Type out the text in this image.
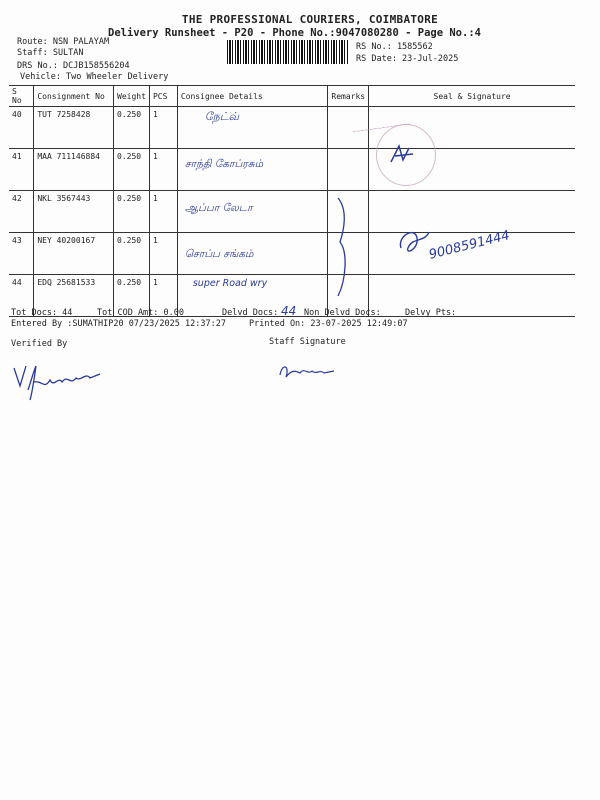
THE PROFESSIONAL COURIERS, COIMBATORE
Delivery Runsheet - P20 - Phone No.:9047080280 - Page No.:4
Route: NSN PALAYAM
Staff: SULTAN
DRS No.: DCJB158556204
Vehicle: Two Wheeler Delivery
RS No.: 1585562
RS Date: 23-Jul-2025
S No	Consignment No	Weight	PCS	Consignee Details	Remarks	Seal & Signature
40	TUT 7258428	0.250	1	நேட்வ்		
41	MAA 711146884	0.250	1	சாந்தி கோப்ரசும்		
42	NKL 3567443	0.250	1	ஆப்பா லேடா		
43	NEY 40200167	0.250	1	சொப்ப சங்கம்		
44	EDQ 25681533	0.250	1	super Road wry		
~~~~~~~~~~~~~~
9008591444
Tot Docs: 44	Tot COD Amt: 0.00	Delvd Docs: 44 Non Delvd Docs:	Delvy Pts:
Entered By :SUMATHIP20 07/23/2025 12:37:27	Printed On: 23-07-2025 12:49:07
Verified By	Staff Signature
